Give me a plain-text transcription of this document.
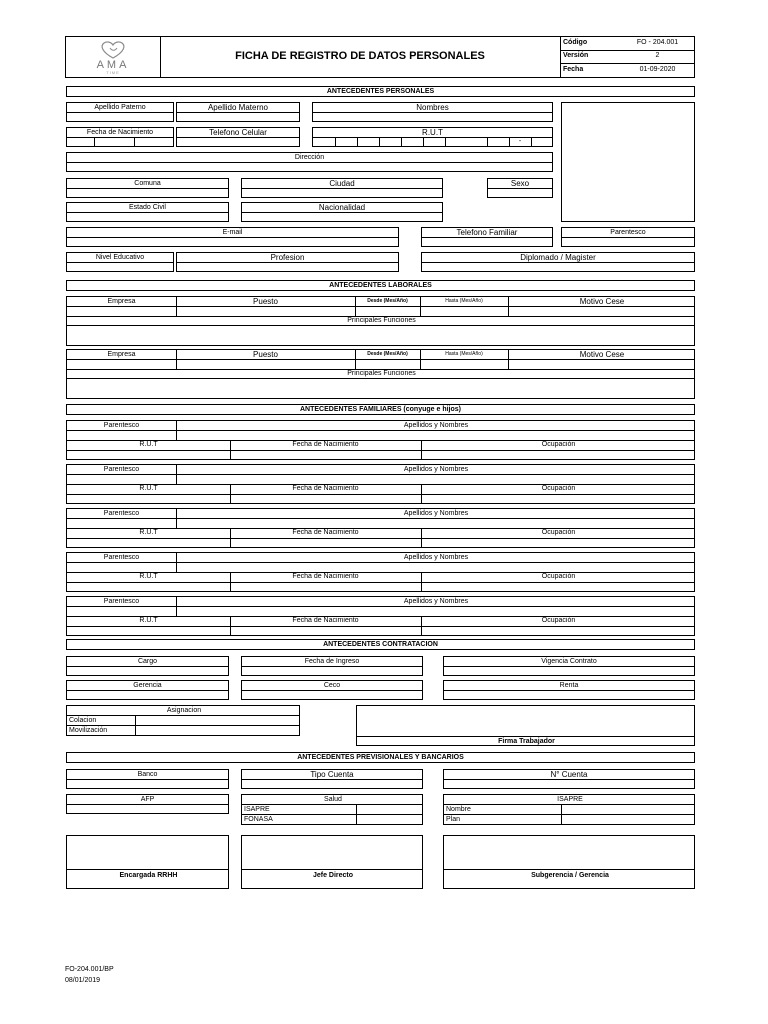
AMA
TIME
FICHA DE REGISTRO DE DATOS PERSONALES
Código	FO - 204.001
Versión	2
Fecha	01-09-2020
ANTECEDENTES PERSONALES
Apellido Paterno	Apellido Materno	Nombres
Fecha de Nacimiento	Telefono Celular	R.U.T
-
Dirección
Comuna	Ciudad	Sexo
Estado Civil	Nacionalidad
E-mail	Telefono Familiar	Parentesco
Nivel Educativo	Profesion	Diplomado / Magister
ANTECEDENTES LABORALES
Empresa	Puesto	Desde (Mes/Año)	Hasta (Mes/Año)	Motivo Cese
Principales Funciones
Empresa	Puesto	Desde (Mes/Año)	Hasta (Mes/Año)	Motivo Cese
Principales Funciones
ANTECEDENTES FAMILIARES (conyuge e hijos)
Parentesco	Apellidos y Nombres
R.U.T	Fecha de Nacimiento	Ocupación
Parentesco	Apellidos y Nombres
R.U.T	Fecha de Nacimiento	Ocupación
Parentesco	Apellidos y Nombres
R.U.T	Fecha de Nacimiento	Ocupación
Parentesco	Apellidos y Nombres
R.U.T	Fecha de Nacimiento	Ocupación
Parentesco	Apellidos y Nombres
R.U.T	Fecha de Nacimiento	Ocupación
ANTECEDENTES CONTRATACION
Cargo	Fecha de Ingreso	Vigencia Contrato
Gerencia	Ceco	Renta
Asignacion
Colacion
Movilización
Firma Trabajador
ANTECEDENTES PREVISIONALES Y BANCARIOS
Banco	Tipo Cuenta	N° Cuenta
AFP	Salud
ISAPRE
FONASA
ISAPRE
Nombre
Plan
Encargada RRHH	Jefe Directo	Subgerencia / Gerencia
FO-204.001/BP
08/01/2019
